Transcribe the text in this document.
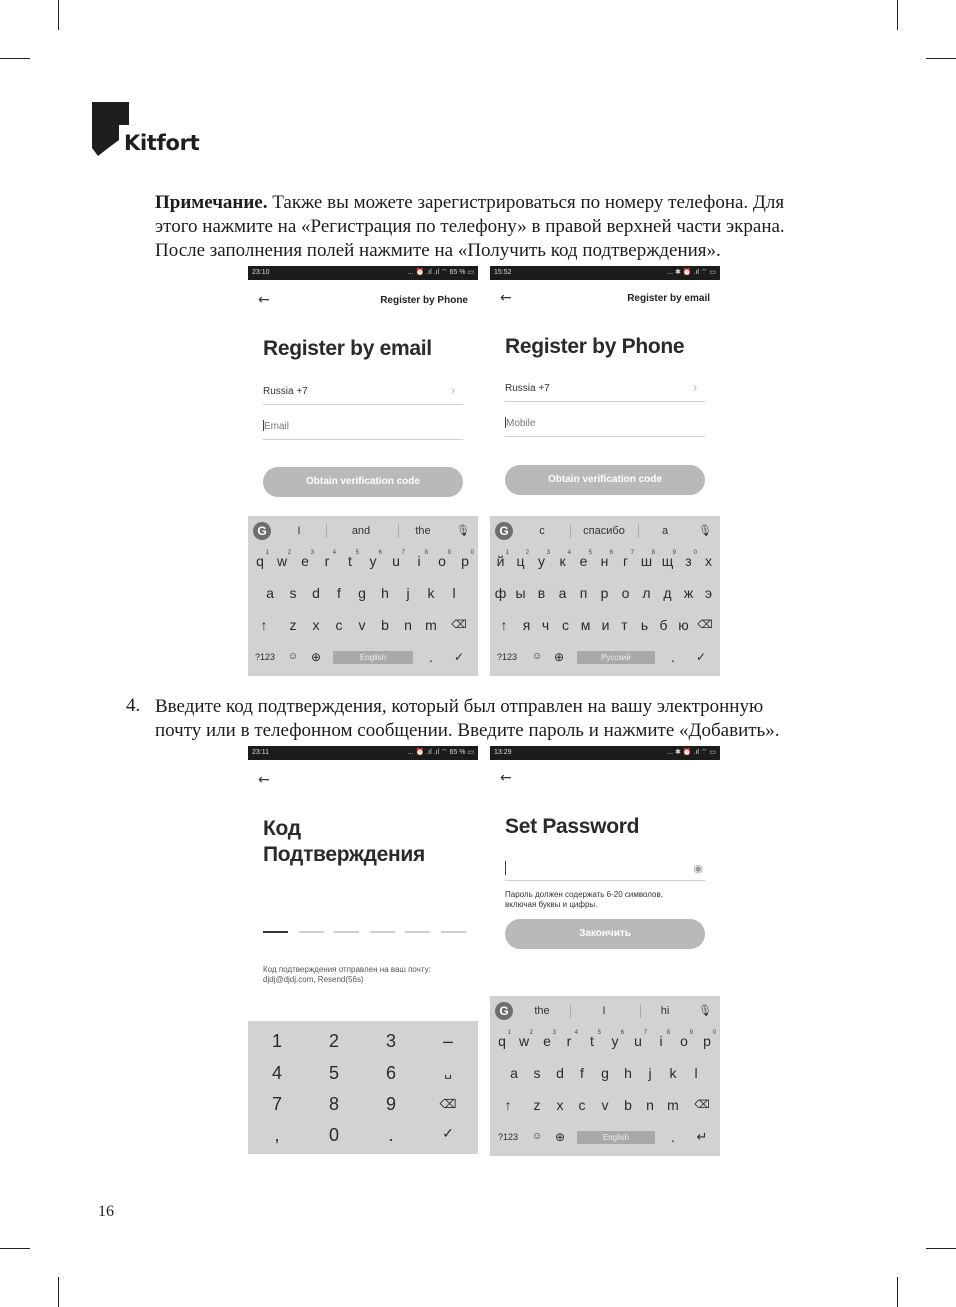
Kitfort
Примечание. Также вы можете зарегистрироваться по номеру телефона. Для
этого нажмите на «Регистрация по телефону» в правой верхней части экрана.
После заполнения полей нажмите на «Получить код подтверждения».
23:10	... ⏰ .ıl .ıl ⌔ 65 % ▭
←	Register by Phone
Register by email
Russia +7	›
Email
Obtain verification code
G	I	and	the	🎙
q 1 w 2 e 3 r 4 t 5 y 6 u 7 i 8 o 9 p 0
a	s	d	f	g	h	j	k	l
↑	z	x	c	v	b	n m	⌫
?123	☺	⊕	English	.	✓
15:52	... ✱ ⏰ .ıl ⌔ ▭
←	Register by email
Register by Phone
Russia +7	›
Mobile
Obtain verification code
G	с	спасибо	а	🎙
й 1 ц 2 у 3 к 4 е 5 н 6 г 7 ш 8 щ 9 з 0 х
ф ы в а п р о л д ж э
↑	я ч с м и т ь б ю ⌫
?123	☺ ⊕	Русский	.	✓
4. Введите код подтверждения, который был отправлен на вашу электронную
почту или в телефонном сообщении. Введите пароль и нажмите «Добавить».
23:11	... ⏰ .ıl .ıl ⌔ 65 % ▭
←
Код
Подтверждения
Код подтверждения отправлен на ваш почту:
djdj@djdj.com, Resend(56s)
1	2	3	–
4	5	6	␣
7	8	9	⌫
,	0	.	✓
13:29	... ✱ ⏰ .ıl ⌔ ▭
←
Set Password
◉
Пароль должен содержать 6-20 символов,
включая буквы и цифры.
Закончить
G	the	I	hi	🎙
q 1 w 2 e 3 r 4 t 5 y 6 u 7 i 8 o 9 p 0
a	s	d	f	g	h	j	k	l
↑	z	x	c	v	b	n m	⌫
?123	☺	⊕	English	.	↵
16
